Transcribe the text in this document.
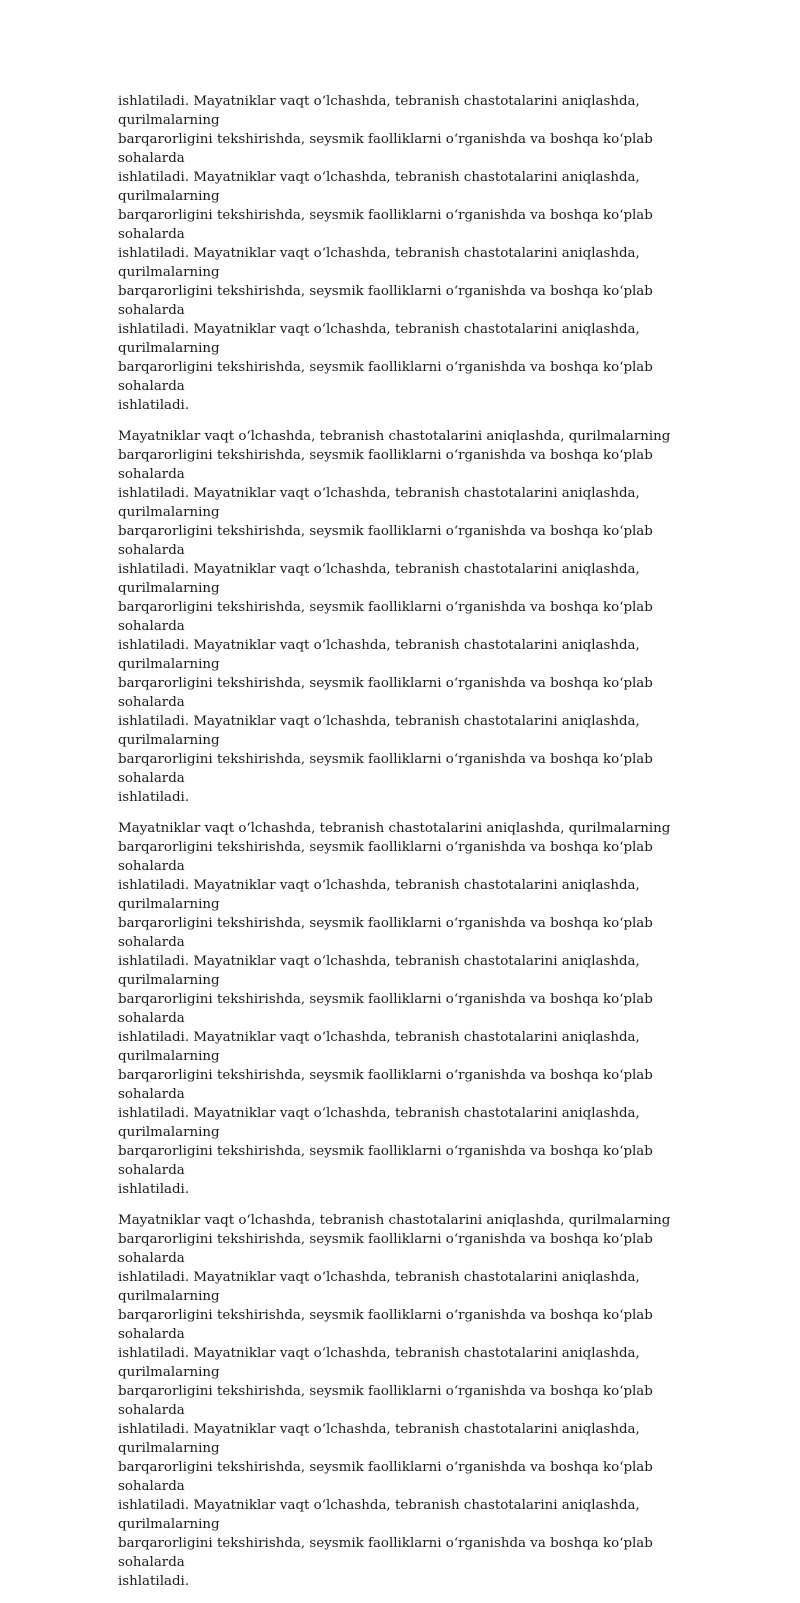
ishlatiladi. Mayatniklar vaqt o‘lchashda, tebranish chastotalarini aniqlashda, qurilmalarning
barqarorligini tekshirishda, seysmik faolliklarni o‘rganishda va boshqa ko‘plab sohalarda
ishlatiladi. Mayatniklar vaqt o‘lchashda, tebranish chastotalarini aniqlashda, qurilmalarning
barqarorligini tekshirishda, seysmik faolliklarni o‘rganishda va boshqa ko‘plab sohalarda
ishlatiladi. Mayatniklar vaqt o‘lchashda, tebranish chastotalarini aniqlashda, qurilmalarning
barqarorligini tekshirishda, seysmik faolliklarni o‘rganishda va boshqa ko‘plab sohalarda
ishlatiladi. Mayatniklar vaqt o‘lchashda, tebranish chastotalarini aniqlashda, qurilmalarning
barqarorligini tekshirishda, seysmik faolliklarni o‘rganishda va boshqa ko‘plab sohalarda
ishlatiladi.

Mayatniklar vaqt o‘lchashda, tebranish chastotalarini aniqlashda, qurilmalarning
barqarorligini tekshirishda, seysmik faolliklarni o‘rganishda va boshqa ko‘plab sohalarda
ishlatiladi. Mayatniklar vaqt o‘lchashda, tebranish chastotalarini aniqlashda, qurilmalarning
barqarorligini tekshirishda, seysmik faolliklarni o‘rganishda va boshqa ko‘plab sohalarda
ishlatiladi. Mayatniklar vaqt o‘lchashda, tebranish chastotalarini aniqlashda, qurilmalarning
barqarorligini tekshirishda, seysmik faolliklarni o‘rganishda va boshqa ko‘plab sohalarda
ishlatiladi. Mayatniklar vaqt o‘lchashda, tebranish chastotalarini aniqlashda, qurilmalarning
barqarorligini tekshirishda, seysmik faolliklarni o‘rganishda va boshqa ko‘plab sohalarda
ishlatiladi. Mayatniklar vaqt o‘lchashda, tebranish chastotalarini aniqlashda, qurilmalarning
barqarorligini tekshirishda, seysmik faolliklarni o‘rganishda va boshqa ko‘plab sohalarda
ishlatiladi.

Mayatniklar vaqt o‘lchashda, tebranish chastotalarini aniqlashda, qurilmalarning
barqarorligini tekshirishda, seysmik faolliklarni o‘rganishda va boshqa ko‘plab sohalarda
ishlatiladi. Mayatniklar vaqt o‘lchashda, tebranish chastotalarini aniqlashda, qurilmalarning
barqarorligini tekshirishda, seysmik faolliklarni o‘rganishda va boshqa ko‘plab sohalarda
ishlatiladi. Mayatniklar vaqt o‘lchashda, tebranish chastotalarini aniqlashda, qurilmalarning
barqarorligini tekshirishda, seysmik faolliklarni o‘rganishda va boshqa ko‘plab sohalarda
ishlatiladi. Mayatniklar vaqt o‘lchashda, tebranish chastotalarini aniqlashda, qurilmalarning
barqarorligini tekshirishda, seysmik faolliklarni o‘rganishda va boshqa ko‘plab sohalarda
ishlatiladi. Mayatniklar vaqt o‘lchashda, tebranish chastotalarini aniqlashda, qurilmalarning
barqarorligini tekshirishda, seysmik faolliklarni o‘rganishda va boshqa ko‘plab sohalarda
ishlatiladi.

Mayatniklar vaqt o‘lchashda, tebranish chastotalarini aniqlashda, qurilmalarning
barqarorligini tekshirishda, seysmik faolliklarni o‘rganishda va boshqa ko‘plab sohalarda
ishlatiladi. Mayatniklar vaqt o‘lchashda, tebranish chastotalarini aniqlashda, qurilmalarning
barqarorligini tekshirishda, seysmik faolliklarni o‘rganishda va boshqa ko‘plab sohalarda
ishlatiladi. Mayatniklar vaqt o‘lchashda, tebranish chastotalarini aniqlashda, qurilmalarning
barqarorligini tekshirishda, seysmik faolliklarni o‘rganishda va boshqa ko‘plab sohalarda
ishlatiladi. Mayatniklar vaqt o‘lchashda, tebranish chastotalarini aniqlashda, qurilmalarning
barqarorligini tekshirishda, seysmik faolliklarni o‘rganishda va boshqa ko‘plab sohalarda
ishlatiladi. Mayatniklar vaqt o‘lchashda, tebranish chastotalarini aniqlashda, qurilmalarning
barqarorligini tekshirishda, seysmik faolliklarni o‘rganishda va boshqa ko‘plab sohalarda
ishlatiladi.
